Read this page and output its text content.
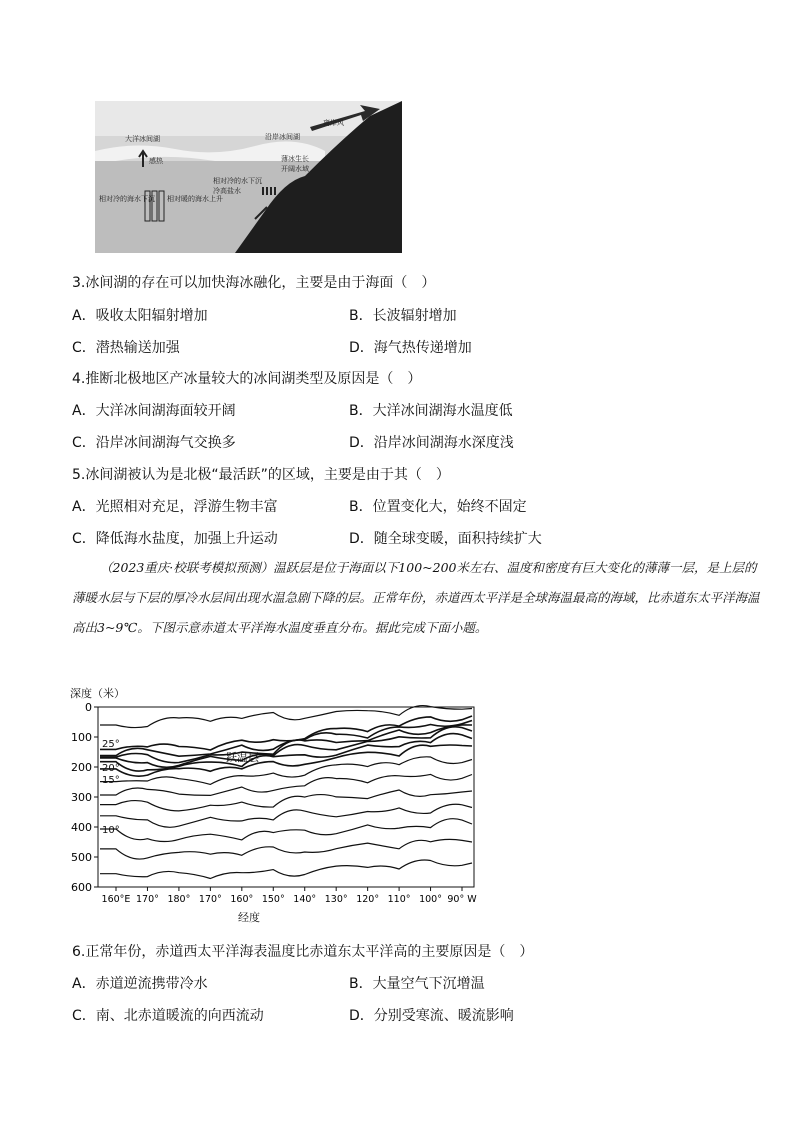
大洋冰间湖	沿岸冰间湖
离岸风
感热	薄冰生长
开阔水域
相对冷的海水下沉 相对暖的海水上升
相对冷的水下沉
冷高盐水
3.冰间湖的存在可以加快海冰融化，主要是由于海面（　）
A．吸收太阳辐射增加	B．长波辐射增加
C．潜热输送加强	D．海气热传递增加
4.推断北极地区产冰量较大的冰间湖类型及原因是（　）
A．大洋冰间湖海面较开阔	B．大洋冰间湖海水温度低
C．沿岸冰间湖海气交换多	D．沿岸冰间湖海水深度浅
5.冰间湖被认为是北极“最活跃”的区域，主要是由于其（　）
A．光照相对充足，浮游生物丰富	B．位置变化大，始终不固定
C．降低海水盐度，加强上升运动	D．随全球变暖，面积持续扩大
（2023重庆·校联考模拟预测）温跃层是位于海面以下100~200米左右、温度和密度有巨大变化的薄薄一层，是上层的薄暖水层与下层的厚冷水层间出现水温急剧下降的层。正常年份，赤道西太平洋是全球海温最高的海域，比赤道东太平洋海温高出3~9℃。下图示意赤道太平洋海水温度垂直分布。据此完成下面小题。
深度（米）
0
100
200
300
400
500
600
160°E 170° 180° 170° 160° 150° 140° 130° 120° 110° 100° 90° W
跃温层
25°
20°
15°
10°
经度
6.正常年份，赤道西太平洋海表温度比赤道东太平洋高的主要原因是（　）
A．赤道逆流携带冷水	B．大量空气下沉增温
C．南、北赤道暖流的向西流动	D．分别受寒流、暖流影响
